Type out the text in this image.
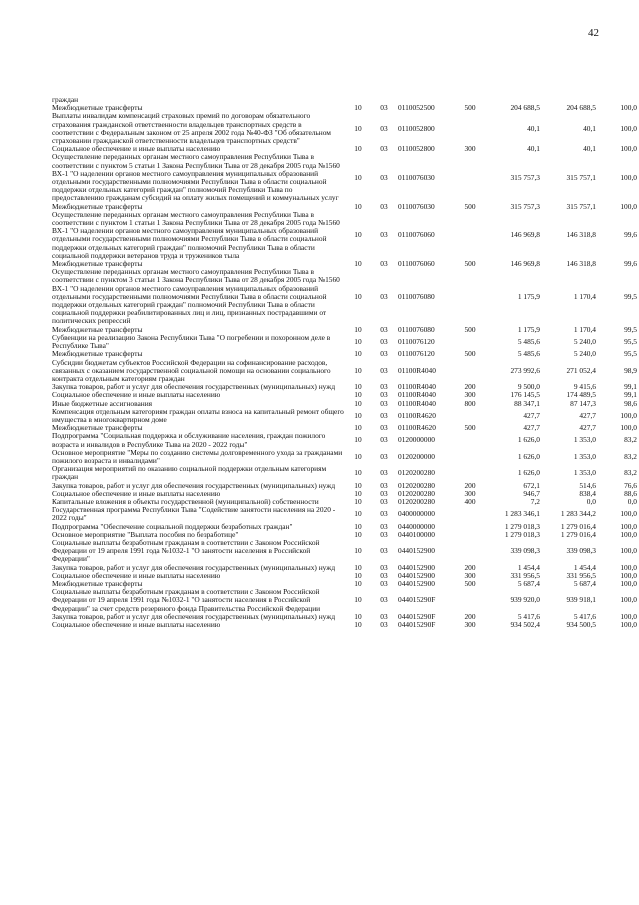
42
граждан							
Межбюджетные трансферты	10	03	0110052500	500	204 688,5	204 688,5	100,0
Выплаты инвалидам компенсаций страховых премий по договорам обязательного страхования гражданской ответственности владельцев транспортных средств в соответствии с Федеральным законом от 25 апреля 2002 года №40-ФЗ "Об обязательном страховании гражданской ответственности владельцев транспортных средств"	10	03	0110052800		40,1	40,1	100,0
Социальное обеспечение и иные выплаты населению	10	03	0110052800	300	40,1	40,1	100,0
Осуществление переданных органам местного самоуправления Республики Тыва в соответствии с пунктом 5 статьи 1 Закона Республики Тыва от 28 декабря 2005 года №1560 ВХ-1 "О наделении органов местного самоуправления муниципальных образований отдельными государственными полномочиями Республики Тыва в области социальной поддержки отдельных категорий граждан" полномочий Республики Тыва по предоставлению гражданам субсидий на оплату жилых помещений и коммунальных услуг	10	03	0110076030		315 757,3	315 757,1	100,0
Межбюджетные трансферты	10	03	0110076030	500	315 757,3	315 757,1	100,0
Осуществление переданных органам местного самоуправления Республики Тыва в соответствии с пунктом 1 статьи 1 Закона Республики Тыва от 28 декабря 2005 года №1560 ВХ-1 "О наделении органов местного самоуправления муниципальных образований отдельными государственными полномочиями Республики Тыва в области социальной поддержки отдельных категорий граждан" полномочий Республики Тыва в области социальной поддержки ветеранов труда и тружеников тыла	10	03	0110076060		146 969,8	146 318,8	99,6
Межбюджетные трансферты	10	03	0110076060	500	146 969,8	146 318,8	99,6
Осуществление переданных органам местного самоуправления Республики Тыва в соответствии с пунктом 3 статьи 1 Закона Республики Тыва от 28 декабря 2005 года №1560 ВХ-1 "О наделении органов местного самоуправления муниципальных образований отдельными государственными полномочиями Республики Тыва в области социальной поддержки отдельных категорий граждан" полномочий Республики Тыва в области социальной поддержки реабилитированных лиц и лиц, признанных пострадавшими от политических репрессий	10	03	0110076080		1 175,9	1 170,4	99,5
Межбюджетные трансферты	10	03	0110076080	500	1 175,9	1 170,4	99,5
Субвенции на реализацию Закона Республики Тыва "О погребении и похоронном деле в Республике Тыва"	10	03	0110076120		5 485,6	5 240,0	95,5
Межбюджетные трансферты	10	03	0110076120	500	5 485,6	5 240,0	95,5
Субсидии бюджетам субъектов Российской Федерации на софинансирование расходов, связанных с оказанием государственной социальной помощи на основании социального контракта отдельным категориям граждан	10	03	01100R4040		273 992,6	271 052,4	98,9
Закупка товаров, работ и услуг для обеспечения государственных (муниципальных) нужд	10	03	01100R4040	200	9 500,0	9 415,6	99,1
Социальное обеспечение и иные выплаты населению	10	03	01100R4040	300	176 145,5	174 489,5	99,1
Иные бюджетные ассигнования	10	03	01100R4040	800	88 347,1	87 147,3	98,6
Компенсация отдельным категориям граждан оплаты взноса на капитальный ремонт общего имущества в многоквартирном доме	10	03	01100R4620		427,7	427,7	100,0
Межбюджетные трансферты	10	03	01100R4620	500	427,7	427,7	100,0
Подпрограмма "Социальная поддержка и обслуживание населения, граждан пожилого возраста и инвалидов в Республике Тыва на 2020 - 2022 годы"	10	03	0120000000		1 626,0	1 353,0	83,2
Основное мероприятие "Меры по созданию системы долговременного ухода за гражданами пожилого возраста и инвалидами"	10	03	0120200000		1 626,0	1 353,0	83,2
Организация мероприятий по оказанию социальной поддержки отдельным категориям граждан	10	03	0120200280		1 626,0	1 353,0	83,2
Закупка товаров, работ и услуг для обеспечения государственных (муниципальных) нужд	10	03	0120200280	200	672,1	514,6	76,6
Социальное обеспечение и иные выплаты населению	10	03	0120200280	300	946,7	838,4	88,6
Капитальные вложения в объекты государственной (муниципальной) собственности	10	03	0120200280	400	7,2	0,0	0,0
Государственная программа Республики Тыва "Содействие занятости населения на 2020 - 2022 годы"	10	03	0400000000		1 283 346,1	1 283 344,2	100,0
Подпрограмма "Обеспечение социальной поддержки безработных граждан"	10	03	0440000000		1 279 018,3	1 279 016,4	100,0
Основное мероприятие "Выплата пособия по безработице"	10	03	0440100000		1 279 018,3	1 279 016,4	100,0
Социальные выплаты безработным гражданам в соответствии с Законом Российской Федерации от 19 апреля 1991 года №1032-1 "О занятости населения в Российской Федерации"	10	03	0440152900		339 098,3	339 098,3	100,0
Закупка товаров, работ и услуг для обеспечения государственных (муниципальных) нужд	10	03	0440152900	200	1 454,4	1 454,4	100,0
Социальное обеспечение и иные выплаты населению	10	03	0440152900	300	331 956,5	331 956,5	100,0
Межбюджетные трансферты	10	03	0440152900	500	5 687,4	5 687,4	100,0
Социальные выплаты безработным гражданам в соответствии с Законом Российской Федерации от 19 апреля 1991 года №1032-1 "О занятости населения в Российской Федерации" за счет средств резервного фонда Правительства Российской Федерации	10	03	044015290F		939 920,0	939 918,1	100,0
Закупка товаров, работ и услуг для обеспечения государственных (муниципальных) нужд	10	03	044015290F	200	5 417,6	5 417,6	100,0
Социальное обеспечение и иные выплаты населению	10	03	044015290F	300	934 502,4	934 500,5	100,0
